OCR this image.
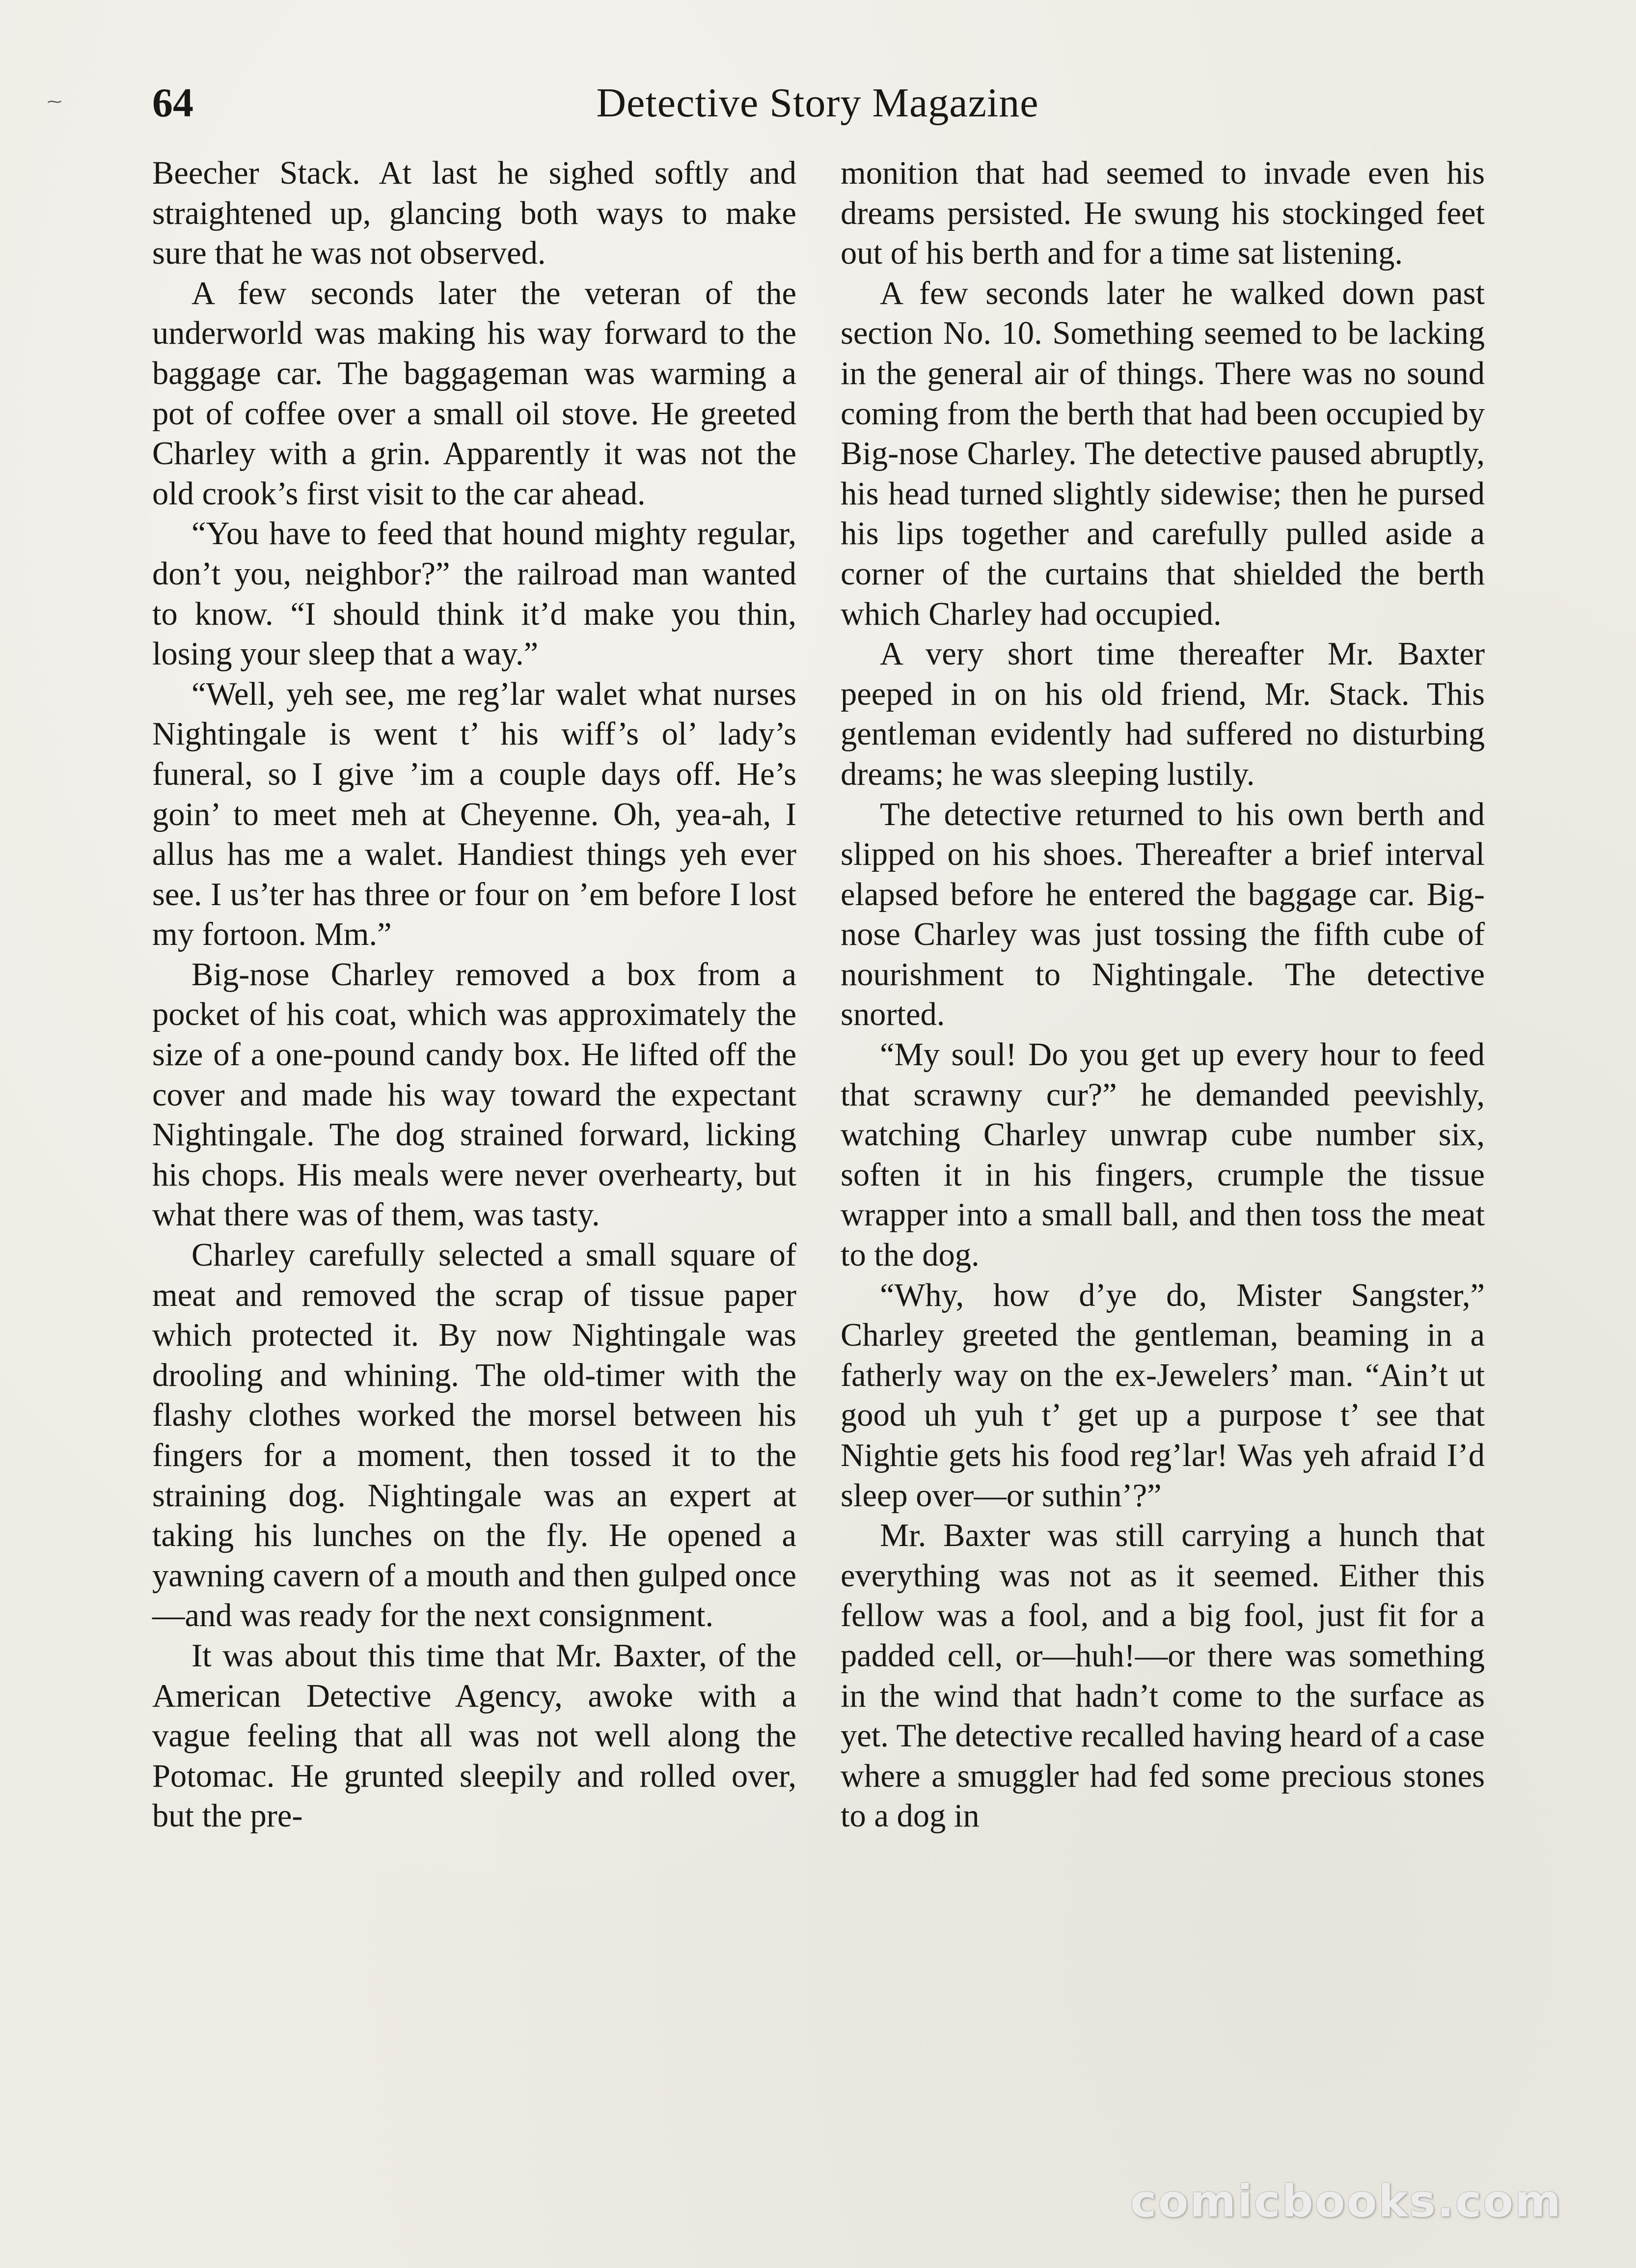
⁓ 64	Detective Story Magazine

Beecher Stack. At last he sighed softly and straightened up, glancing both ways to make sure that he was not observed.

A few seconds later the veteran of the underworld was making his way forward to the baggage car. The baggageman was warming a pot of coffee over a small oil stove. He greeted Charley with a grin. Apparently it was not the old crook’s first visit to the car ahead.

“You have to feed that hound mighty regular, don’t you, neighbor?” the railroad man wanted to know. “I should think it’d make you thin, losing your sleep that a way.”

“Well, yeh see, me reg’lar walet what nurses Nightingale is went t’ his wiff’s ol’ lady’s funeral, so I give ’im a couple days off. He’s goin’ to meet meh at Cheyenne. Oh, yea-ah, I allus has me a walet. Handiest things yeh ever see. I us’ter has three or four on ’em before I lost my fortoon. Mm.”

Big-nose Charley removed a box from a pocket of his coat, which was approximately the size of a one-pound candy box. He lifted off the cover and made his way toward the expectant Nightingale. The dog strained forward, licking his chops. His meals were never overhearty, but what there was of them, was tasty.

Charley carefully selected a small square of meat and removed the scrap of tissue paper which protected it. By now Nightingale was drooling and whining. The old-timer with the flashy clothes worked the morsel between his fingers for a moment, then tossed it to the straining dog. Nightingale was an expert at taking his lunches on the fly. He opened a yawning cavern of a mouth and then gulped once—and was ready for the next consignment.

It was about this time that Mr. Baxter, of the American Detective Agency, awoke with a vague feeling that all was not well along the Potomac. He grunted sleepily and rolled over, but the pre-

monition that had seemed to invade even his dreams persisted. He swung his stockinged feet out of his berth and for a time sat listening.

A few seconds later he walked down past section No. 10. Something seemed to be lacking in the general air of things. There was no sound coming from the berth that had been occupied by Big-nose Charley. The detective paused abruptly, his head turned slightly sidewise; then he pursed his lips together and carefully pulled aside a corner of the curtains that shielded the berth which Charley had occupied.

A very short time thereafter Mr. Baxter peeped in on his old friend, Mr. Stack. This gentleman evidently had suffered no disturbing dreams; he was sleeping lustily.

The detective returned to his own berth and slipped on his shoes. Thereafter a brief interval elapsed before he entered the baggage car. Big-nose Charley was just tossing the fifth cube of nourishment to Nightingale. The detective snorted.

“My soul! Do you get up every hour to feed that scrawny cur?” he demanded peevishly, watching Charley unwrap cube number six, soften it in his fingers, crumple the tissue wrapper into a small ball, and then toss the meat to the dog.

“Why, how d’ye do, Mister Sangster,” Charley greeted the gentleman, beaming in a fatherly way on the ex-Jewelers’ man. “Ain’t ut good uh yuh t’ get up a purpose t’ see that Nightie gets his food reg’lar! Was yeh afraid I’d sleep over—or suthin’?”

Mr. Baxter was still carrying a hunch that everything was not as it seemed. Either this fellow was a fool, and a big fool, just fit for a padded cell, or—huh!—or there was something in the wind that hadn’t come to the surface as yet. The detective recalled having heard of a case where a smuggler had fed some precious stones to a dog in

comicbooks.com
